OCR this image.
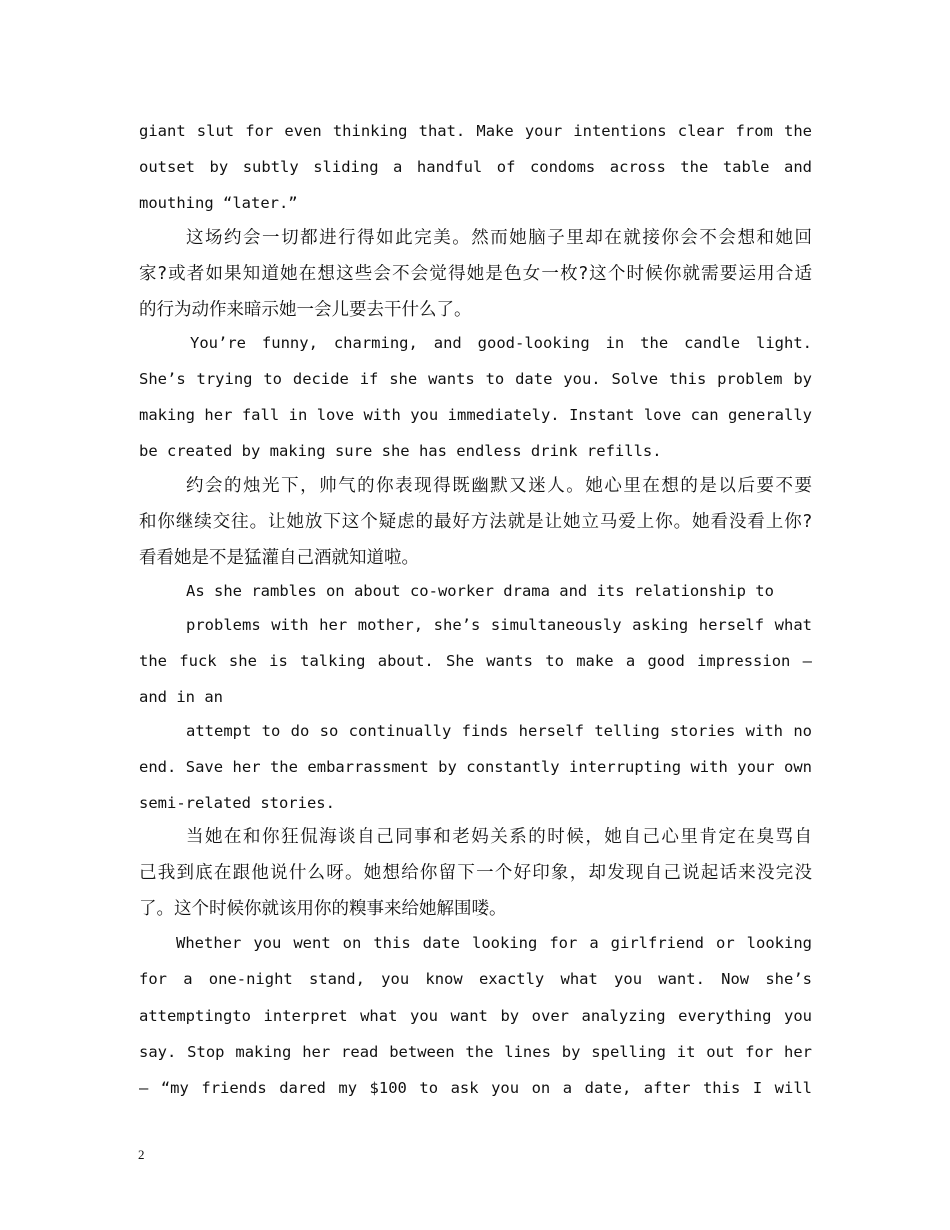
giant slut for even thinking that. Make your intentions clear from the
outset by subtly sliding a handful of condoms across the table and
mouthing “later.”
这场约会一切都进行得如此完美。然而她脑子里却在就接你会不会想和她回
家?或者如果知道她在想这些会不会觉得她是色女一枚?这个时候你就需要运用合适
的行为动作来暗示她一会儿要去干什么了。
You’re funny, charming, and good-looking in the candle light.
She’s trying to decide if she wants to date you. Solve this problem by
making her fall in love with you immediately. Instant love can generally
be created by making sure she has endless drink refills.
约会的烛光下，帅气的你表现得既幽默又迷人。她心里在想的是以后要不要
和你继续交往。让她放下这个疑虑的最好方法就是让她立马爱上你。她看没看上你?
看看她是不是猛灌自己酒就知道啦。
As she rambles on about co-worker drama and its relationship to
problems with her mother, she’s simultaneously asking herself what
the fuck she is talking about. She wants to make a good impression —
and in an
attempt to do so continually finds herself telling stories with no
end. Save her the embarrassment by constantly interrupting with your own
semi-related stories.
当她在和你狂侃海谈自己同事和老妈关系的时候，她自己心里肯定在臭骂自
己我到底在跟他说什么呀。她想给你留下一个好印象，却发现自己说起话来没完没
了。这个时候你就该用你的糗事来给她解围喽。
Whether you went on this date looking for a girlfriend or looking
for a one-night stand, you know exactly what you want. Now she’s
attemptingto interpret what you want by over analyzing everything you
say. Stop making her read between the lines by spelling it out for her
— “my friends dared my $100 to ask you on a date, after this I will
2
